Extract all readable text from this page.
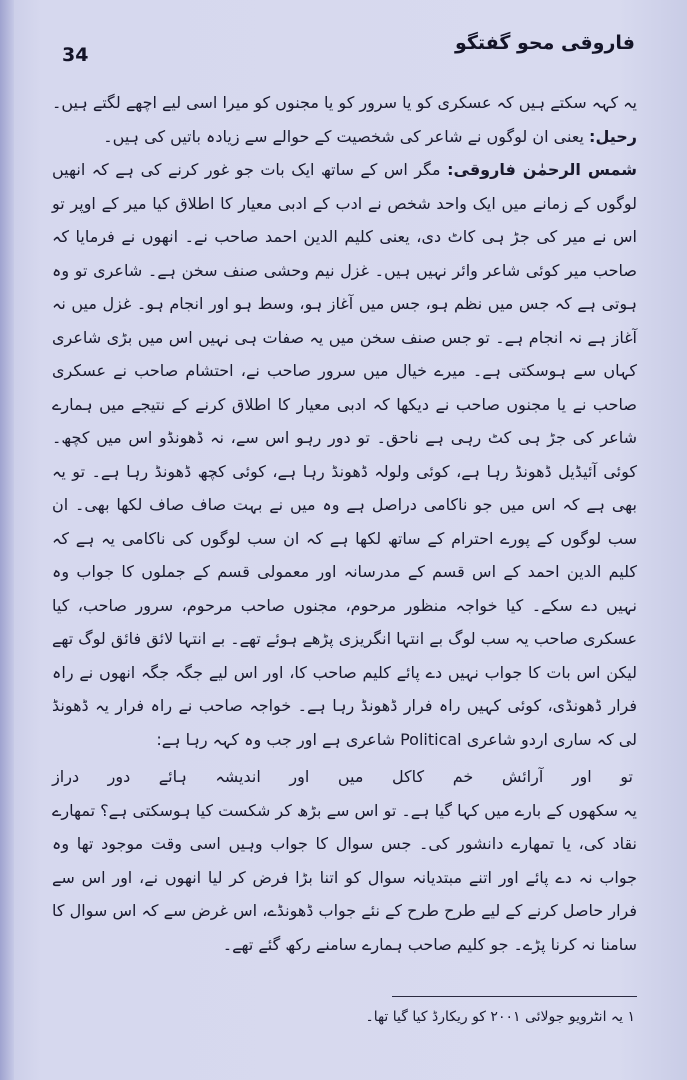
34
فاروقی محو گفتگو

یہ کہہ سکتے ہیں کہ عسکری کو یا سرور کو یا مجنوں کو میرا اسی لیے اچھے لگتے ہیں۔

رحیل: یعنی ان لوگوں نے شاعر کی شخصیت کے حوالے سے زیادہ باتیں کی ہیں۔

شمس الرحمٰن فاروقی: مگر اس کے ساتھ ایک بات جو غور کرنے کی ہے کہ انھیں لوگوں کے زمانے میں ایک واحد شخص نے ادب کے ادبی معیار کا اطلاق کیا میر کے اوپر تو اس نے میر کی جڑ ہی کاٹ دی، یعنی کلیم الدین احمد صاحب نے۔ انھوں نے فرمایا کہ صاحب میر کوئی شاعر وائر نہیں ہیں۔ غزل نیم وحشی صنف سخن ہے۔ شاعری تو وہ ہوتی ہے کہ جس میں نظم ہو، جس میں آغاز ہو، وسط ہو اور انجام ہو۔ غزل میں نہ آغاز ہے نہ انجام ہے۔ تو جس صنف سخن میں یہ صفات ہی نہیں اس میں بڑی شاعری کہاں سے ہوسکتی ہے۔ میرے خیال میں سرور صاحب نے، احتشام صاحب نے عسکری صاحب نے یا مجنوں صاحب نے دیکھا کہ ادبی معیار کا اطلاق کرنے کے نتیجے میں ہمارے شاعر کی جڑ ہی کٹ رہی ہے ناحق۔ تو دور رہو اس سے، نہ ڈھونڈو اس میں کچھ۔ کوئی آئیڈیل ڈھونڈ رہا ہے، کوئی ولولہ ڈھونڈ رہا ہے، کوئی کچھ ڈھونڈ رہا ہے۔ تو یہ بھی ہے کہ اس میں جو ناکامی دراصل ہے وہ میں نے بہت صاف صاف لکھا بھی۔ ان سب لوگوں کے پورے احترام کے ساتھ لکھا ہے کہ ان سب لوگوں کی ناکامی یہ ہے کہ کلیم الدین احمد کے اس قسم کے مدرسانہ اور معمولی قسم کے جملوں کا جواب وہ نہیں دے سکے۔ کیا خواجہ منظور مرحوم، مجنوں صاحب مرحوم، سرور صاحب، کیا عسکری صاحب یہ سب لوگ بے انتہا انگریزی پڑھے ہوئے تھے۔ بے انتہا لائق فائق لوگ تھے لیکن اس بات کا جواب نہیں دے پائے کلیم صاحب کا، اور اس لیے جگہ جگہ انھوں نے راہ فرار ڈھونڈی، کوئی کہیں راہ فرار ڈھونڈ رہا ہے۔ خواجہ صاحب نے راہ فرار یہ ڈھونڈ لی کہ ساری اردو شاعری Political شاعری ہے اور جب وہ کہہ رہا ہے:

تو
اور
آرائش
خم
کاکل
میں
اور
اندیشہ
ہائے
دور
دراز

یہ سکھوں کے بارے میں کہا گیا ہے۔ تو اس سے بڑھ کر شکست کیا ہوسکتی ہے؟ تمھارے نقاد کی، یا تمھارے دانشور کی۔ جس سوال کا جواب وہیں اسی وقت موجود تھا وہ جواب نہ دے پائے اور اتنے مبتدیانہ سوال کو اتنا بڑا فرض کر لیا انھوں نے، اور اس سے فرار حاصل کرنے کے لیے طرح طرح کے نئے جواب ڈھونڈے، اس غرض سے کہ اس سوال کا سامنا نہ کرنا پڑے۔ جو کلیم صاحب ہمارے سامنے رکھ گئے تھے۔

۱ یہ انٹرویو جولائی ۲۰۰۱ کو ریکارڈ کیا گیا تھا۔
